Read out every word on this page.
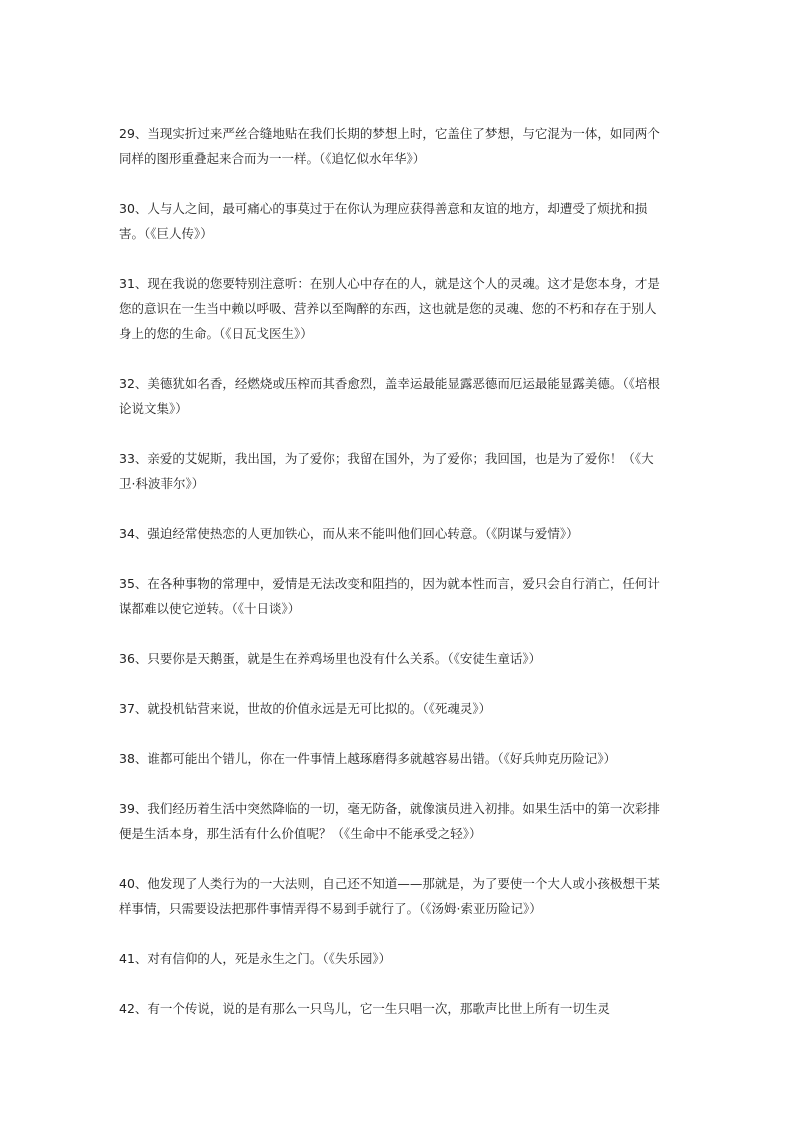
29、当现实折过来严丝合缝地贴在我们长期的梦想上时，它盖住了梦想，与它混为一体，如同两个同样的图形重叠起来合而为一一样。（《追忆似水年华》）
30、人与人之间，最可痛心的事莫过于在你认为理应获得善意和友谊的地方，却遭受了烦扰和损害。（《巨人传》）
31、现在我说的您要特别注意听：在别人心中存在的人，就是这个人的灵魂。这才是您本身，才是您的意识在一生当中赖以呼吸、营养以至陶醉的东西，这也就是您的灵魂、您的不朽和存在于别人身上的您的生命。（《日瓦戈医生》）
32、美德犹如名香，经燃烧或压榨而其香愈烈，盖幸运最能显露恶德而厄运最能显露美德。（《培根论说文集》）
33、亲爱的艾妮斯，我出国，为了爱你；我留在国外，为了爱你；我回国，也是为了爱你！（《大卫·科波菲尔》）
34、强迫经常使热恋的人更加铁心，而从来不能叫他们回心转意。（《阴谋与爱情》）
35、在各种事物的常理中，爱情是无法改变和阻挡的，因为就本性而言，爱只会自行消亡，任何计谋都难以使它逆转。（《十日谈》）
36、只要你是天鹅蛋，就是生在养鸡场里也没有什么关系。（《安徒生童话》）
37、就投机钻营来说，世故的价值永远是无可比拟的。（《死魂灵》）
38、谁都可能出个错儿，你在一件事情上越琢磨得多就越容易出错。（《好兵帅克历险记》）
39、我们经历着生活中突然降临的一切，毫无防备，就像演员进入初排。如果生活中的第一次彩排便是生活本身，那生活有什么价值呢？（《生命中不能承受之轻》）
40、他发现了人类行为的一大法则，自己还不知道——那就是，为了要使一个大人或小孩极想干某样事情，只需要设法把那件事情弄得不易到手就行了。（《汤姆·索亚历险记》）
41、对有信仰的人，死是永生之门。（《失乐园》）
42、有一个传说，说的是有那么一只鸟儿，它一生只唱一次，那歌声比世上所有一切生灵
